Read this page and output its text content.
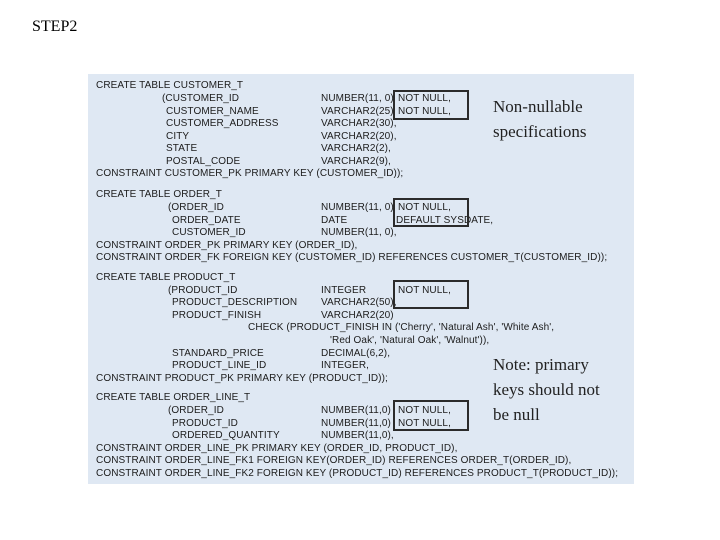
STEP2
CREATE TABLE CUSTOMER_T
(CUSTOMER_ID	NUMBER(11, 0) NOT NULL,
CUSTOMER_NAME	VARCHAR2(25) NOT NULL,
CUSTOMER_ADDRESS	VARCHAR2(30),
CITY	VARCHAR2(20),
STATE	VARCHAR2(2),
POSTAL_CODE	VARCHAR2(9),
CONSTRAINT CUSTOMER_PK PRIMARY KEY (CUSTOMER_ID));
CREATE TABLE ORDER_T
(ORDER_ID	NUMBER(11, 0) NOT NULL,
ORDER_DATE	DATE	DEFAULT SYSDATE,
CUSTOMER_ID	NUMBER(11, 0),
CONSTRAINT ORDER_PK PRIMARY KEY (ORDER_ID),
CONSTRAINT ORDER_FK FOREIGN KEY (CUSTOMER_ID) REFERENCES CUSTOMER_T(CUSTOMER_ID));
CREATE TABLE PRODUCT_T
(PRODUCT_ID	INTEGER	NOT NULL,
PRODUCT_DESCRIPTION VARCHAR2(50),
PRODUCT_FINISH	VARCHAR2(20)
CHECK (PRODUCT_FINISH IN ('Cherry', 'Natural Ash', 'White Ash',
'Red Oak', 'Natural Oak', 'Walnut')),
STANDARD_PRICE	DECIMAL(6,2),
PRODUCT_LINE_ID	INTEGER,
CONSTRAINT PRODUCT_PK PRIMARY KEY (PRODUCT_ID));
CREATE TABLE ORDER_LINE_T
(ORDER_ID	NUMBER(11,0) NOT NULL,
PRODUCT_ID	NUMBER(11,0) NOT NULL,
ORDERED_QUANTITY	NUMBER(11,0),
CONSTRAINT ORDER_LINE_PK PRIMARY KEY (ORDER_ID, PRODUCT_ID),
CONSTRAINT ORDER_LINE_FK1 FOREIGN KEY(ORDER_ID) REFERENCES ORDER_T(ORDER_ID),
CONSTRAINT ORDER_LINE_FK2 FOREIGN KEY (PRODUCT_ID) REFERENCES PRODUCT_T(PRODUCT_ID));
Non-nullable
specifications
Note: primary
keys should not
be null
